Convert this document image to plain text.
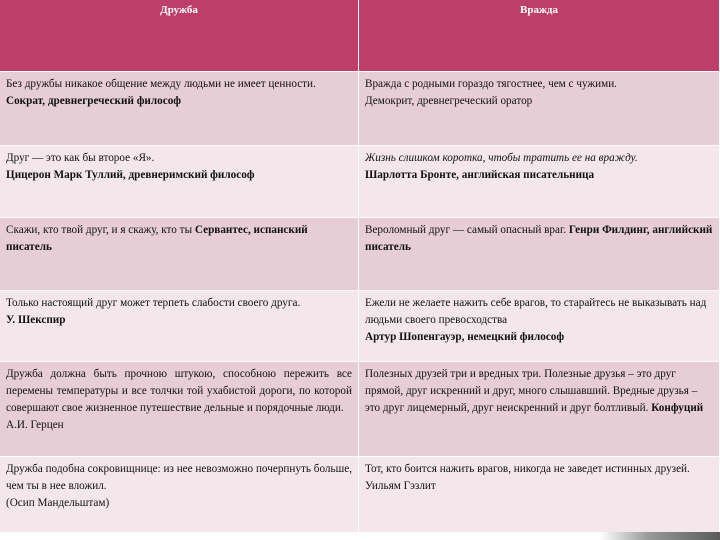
Дружба	Вражда
Без дружбы никакое общение между людьми не имеет ценности.
Сократ, древнегреческий философ
Вражда с родными гораздо тягостнее, чем с чужими.
Демокрит, древнегреческий оратор
Друг — это как бы второе «Я».
Цицерон Марк Туллий, древнеримский философ
Жизнь слишком коротка, чтобы тратить ее на вражду.
Шарлотта Бронте, английская писательница
Скажи, кто твой друг, и я скажу, кто ты Сервантес, испанский писатель
Вероломный друг — самый опасный враг. Генри Филдинг, английский писатель
Только настоящий друг может терпеть слабости своего друга.
У. Шекспир
Ежели не желаете нажить себе врагов, то старайтесь не выказывать над людьми своего превосходства
Артур Шопенгауэр, немецкий философ
Дружба должна быть прочною штукою, способною пережить все перемены температуры и все толчки той ухабистой дороги, по которой совершают свое жизненное путешествие дельные и порядочные люди.
А.И. Герцен
Полезных друзей три и вредных три. Полезные друзья – это друг прямой, друг искренний и друг, много слышавший. Вредные друзья – это друг лицемерный, друг неискренний и друг болтливый. Конфуций
Дружба подобна сокровищнице: из нее невозможно почерпнуть больше, чем ты в нее вложил.
(Осип Мандельштам)
Тот, кто боится нажить врагов, никогда не заведет истинных друзей.
Уильям Гэзлит
